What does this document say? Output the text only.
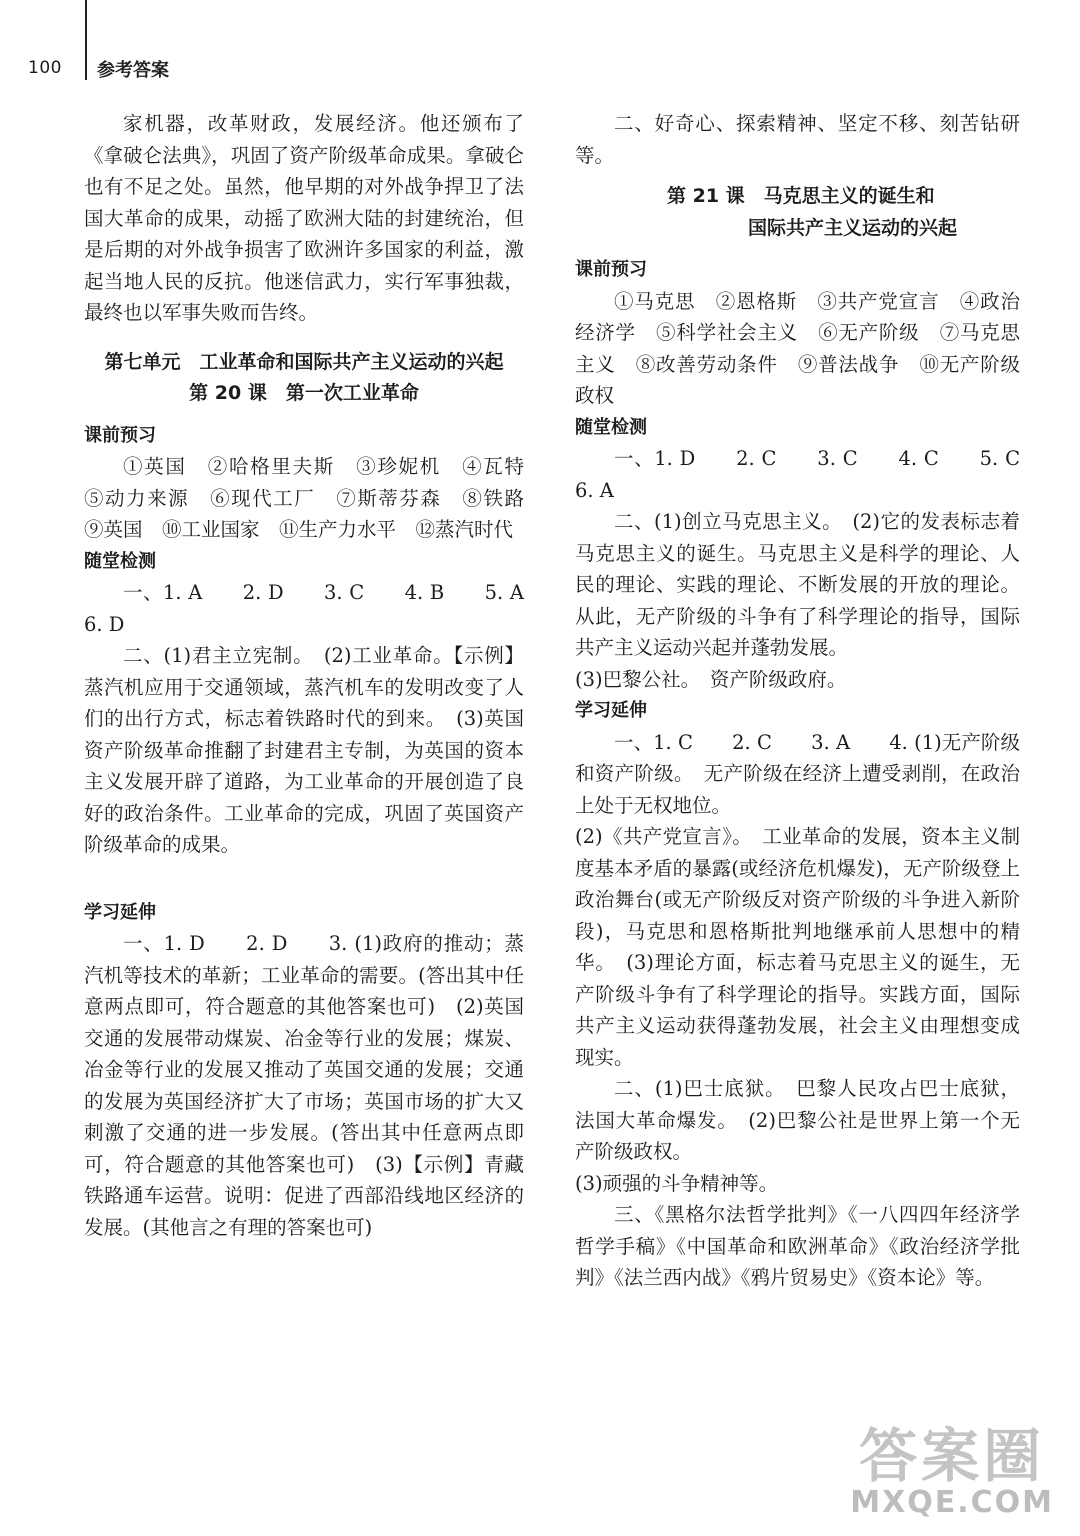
100 参考答案

家机器，改革财政，发展经济。他还颁布了《拿破仑法典》，巩固了资产阶级革命成果。拿破仑也有不足之处。虽然，他早期的对外战争捍卫了法国大革命的成果，动摇了欧洲大陆的封建统治，但是后期的对外战争损害了欧洲许多国家的利益，激起当地人民的反抗。他迷信武力，实行军事独裁，最终也以军事失败而告终。

第七单元　工业革命和国际共产主义运动的兴起

第 20 课　第一次工业革命

课前预习

①英国　②哈格里夫斯　③珍妮机　④瓦特　⑤动力来源　⑥现代工厂　⑦斯蒂芬森　⑧铁路　⑨英国　⑩工业国家　⑪生产力水平　⑫蒸汽时代

随堂检测

一、1. A　　2. D　　3. C　　4. B　　5. A　　6. D

二、(1)君主立宪制。　(2)工业革命。【示例】蒸汽机应用于交通领域，蒸汽机车的发明改变了人们的出行方式，标志着铁路时代的到来。　(3)英国资产阶级革命推翻了封建君主专制，为英国的资本主义发展开辟了道路，为工业革命的开展创造了良好的政治条件。工业革命的完成，巩固了英国资产阶级革命的成果。

学习延伸

一、1. D　　2. D　　3. (1)政府的推动；蒸汽机等技术的革新；工业革命的需要。(答出其中任意两点即可，符合题意的其他答案也可)　(2)英国交通的发展带动煤炭、冶金等行业的发展；煤炭、冶金等行业的发展又推动了英国交通的发展；交通的发展为英国经济扩大了市场；英国市场的扩大又刺激了交通的进一步发展。(答出其中任意两点即可，符合题意的其他答案也可)　(3)【示例】青藏铁路通车运营。说明：促进了西部沿线地区经济的发展。(其他言之有理的答案也可)

二、好奇心、探索精神、坚定不移、刻苦钻研等。

第 21 课　马克思主义的诞生和

国际共产主义运动的兴起

课前预习

①马克思　②恩格斯　③共产党宣言　④政治经济学　⑤科学社会主义　⑥无产阶级　⑦马克思主义　⑧改善劳动条件　⑨普法战争　⑩无产阶级政权

随堂检测

一、1. D　　2. C　　3. C　　4. C　　5. C　　6. A

二、(1)创立马克思主义。　(2)它的发表标志着马克思主义的诞生。马克思主义是科学的理论、人民的理论、实践的理论、不断发展的开放的理论。从此，无产阶级的斗争有了科学理论的指导，国际共产主义运动兴起并蓬勃发展。

(3)巴黎公社。　资产阶级政府。

学习延伸

一、1. C　　2. C　　3. A　　4. (1)无产阶级和资产阶级。　无产阶级在经济上遭受剥削，在政治上处于无权地位。

(2)《共产党宣言》。　工业革命的发展，资本主义制度基本矛盾的暴露(或经济危机爆发)，无产阶级登上政治舞台(或无产阶级反对资产阶级的斗争进入新阶段)，马克思和恩格斯批判地继承前人思想中的精华。　(3)理论方面，标志着马克思主义的诞生，无产阶级斗争有了科学理论的指导。实践方面，国际共产主义运动获得蓬勃发展，社会主义由理想变成现实。

二、(1)巴士底狱。　巴黎人民攻占巴士底狱，法国大革命爆发。　(2)巴黎公社是世界上第一个无产阶级政权。

(3)顽强的斗争精神等。

三、《黑格尔法哲学批判》《一八四四年经济学哲学手稿》《中国革命和欧洲革命》《政治经济学批判》《法兰西内战》《鸦片贸易史》《资本论》等。

答案圈
MXQE.COM
